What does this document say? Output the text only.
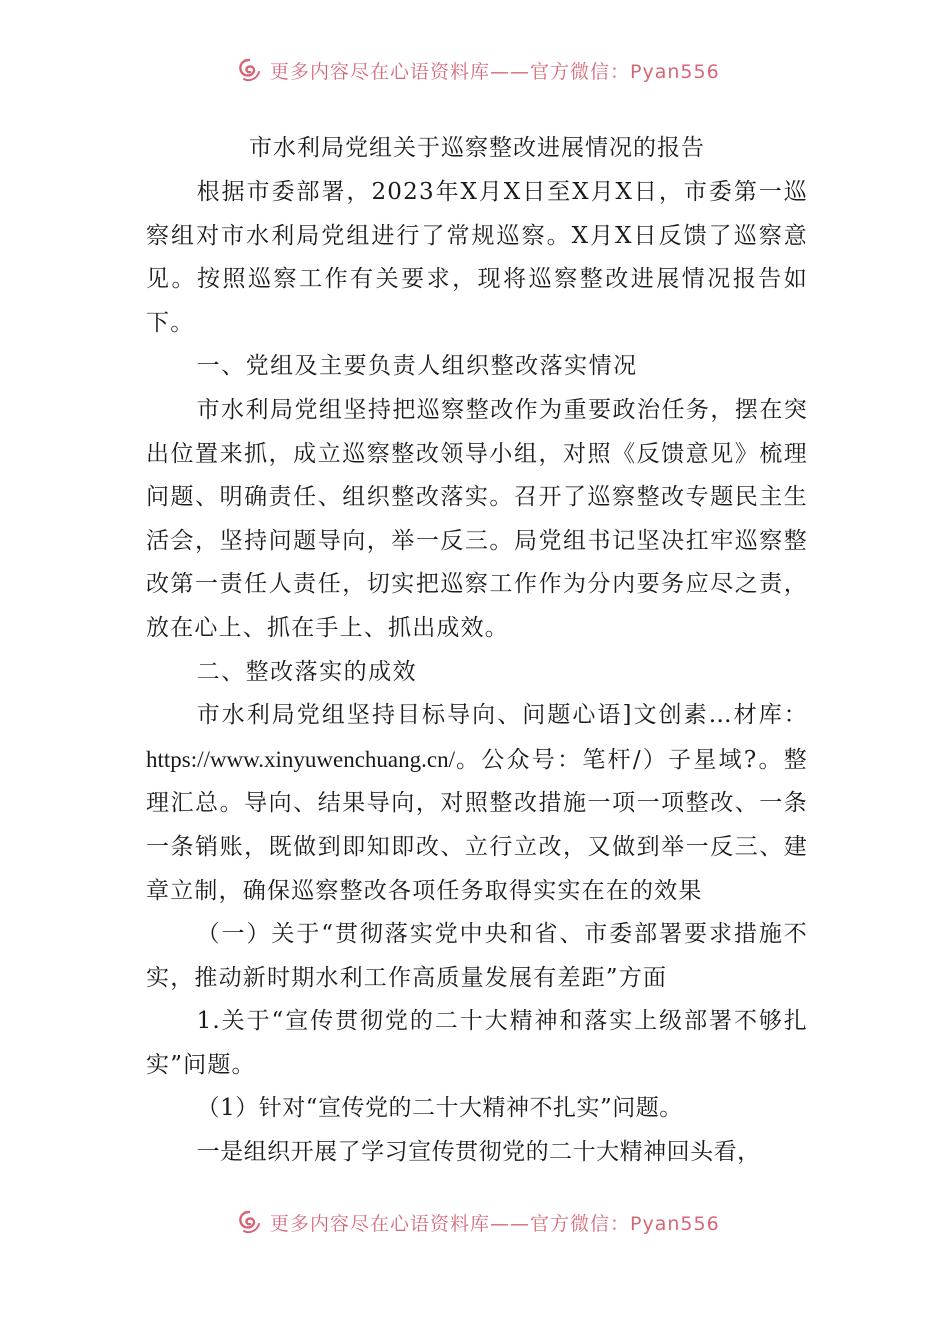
更多内容尽在心语资料库——官方微信：Pyan556
市水利局党组关于巡察整改进展情况的报告

根据市委部署，2023年X月X日至X月X日，市委第一巡察组对市水利局党组进行了常规巡察。X月X日反馈了巡察意见。按照巡察工作有关要求，现将巡察整改进展情况报告如下。

一、党组及主要负责人组织整改落实情况

市水利局党组坚持把巡察整改作为重要政治任务，摆在突出位置来抓，成立巡察整改领导小组，对照《反馈意见》梳理问题、明确责任、组织整改落实。召开了巡察整改专题民主生活会，坚持问题导向，举一反三。局党组书记坚决扛牢巡察整改第一责任人责任，切实把巡察工作作为分内要务应尽之责，放在心上、抓在手上、抓出成效。

二、整改落实的成效

市水利局党组坚持目标导向、问题心语]文创素…材库：https://www.xinyuwenchuang.cn/。公众号：笔杆/）子星域?。整理汇总。导向、结果导向，对照整改措施一项一项整改、一条一条销账，既做到即知即改、立行立改，又做到举一反三、建章立制，确保巡察整改各项任务取得实实在在的效果

（一）关于“贯彻落实党中央和省、市委部署要求措施不实，推动新时期水利工作高质量发展有差距”方面

1.关于“宣传贯彻党的二十大精神和落实上级部署不够扎实”问题。

（1）针对“宣传党的二十大精神不扎实”问题。

一是组织开展了学习宣传贯彻党的二十大精神回头看，

更多内容尽在心语资料库——官方微信：Pyan556
